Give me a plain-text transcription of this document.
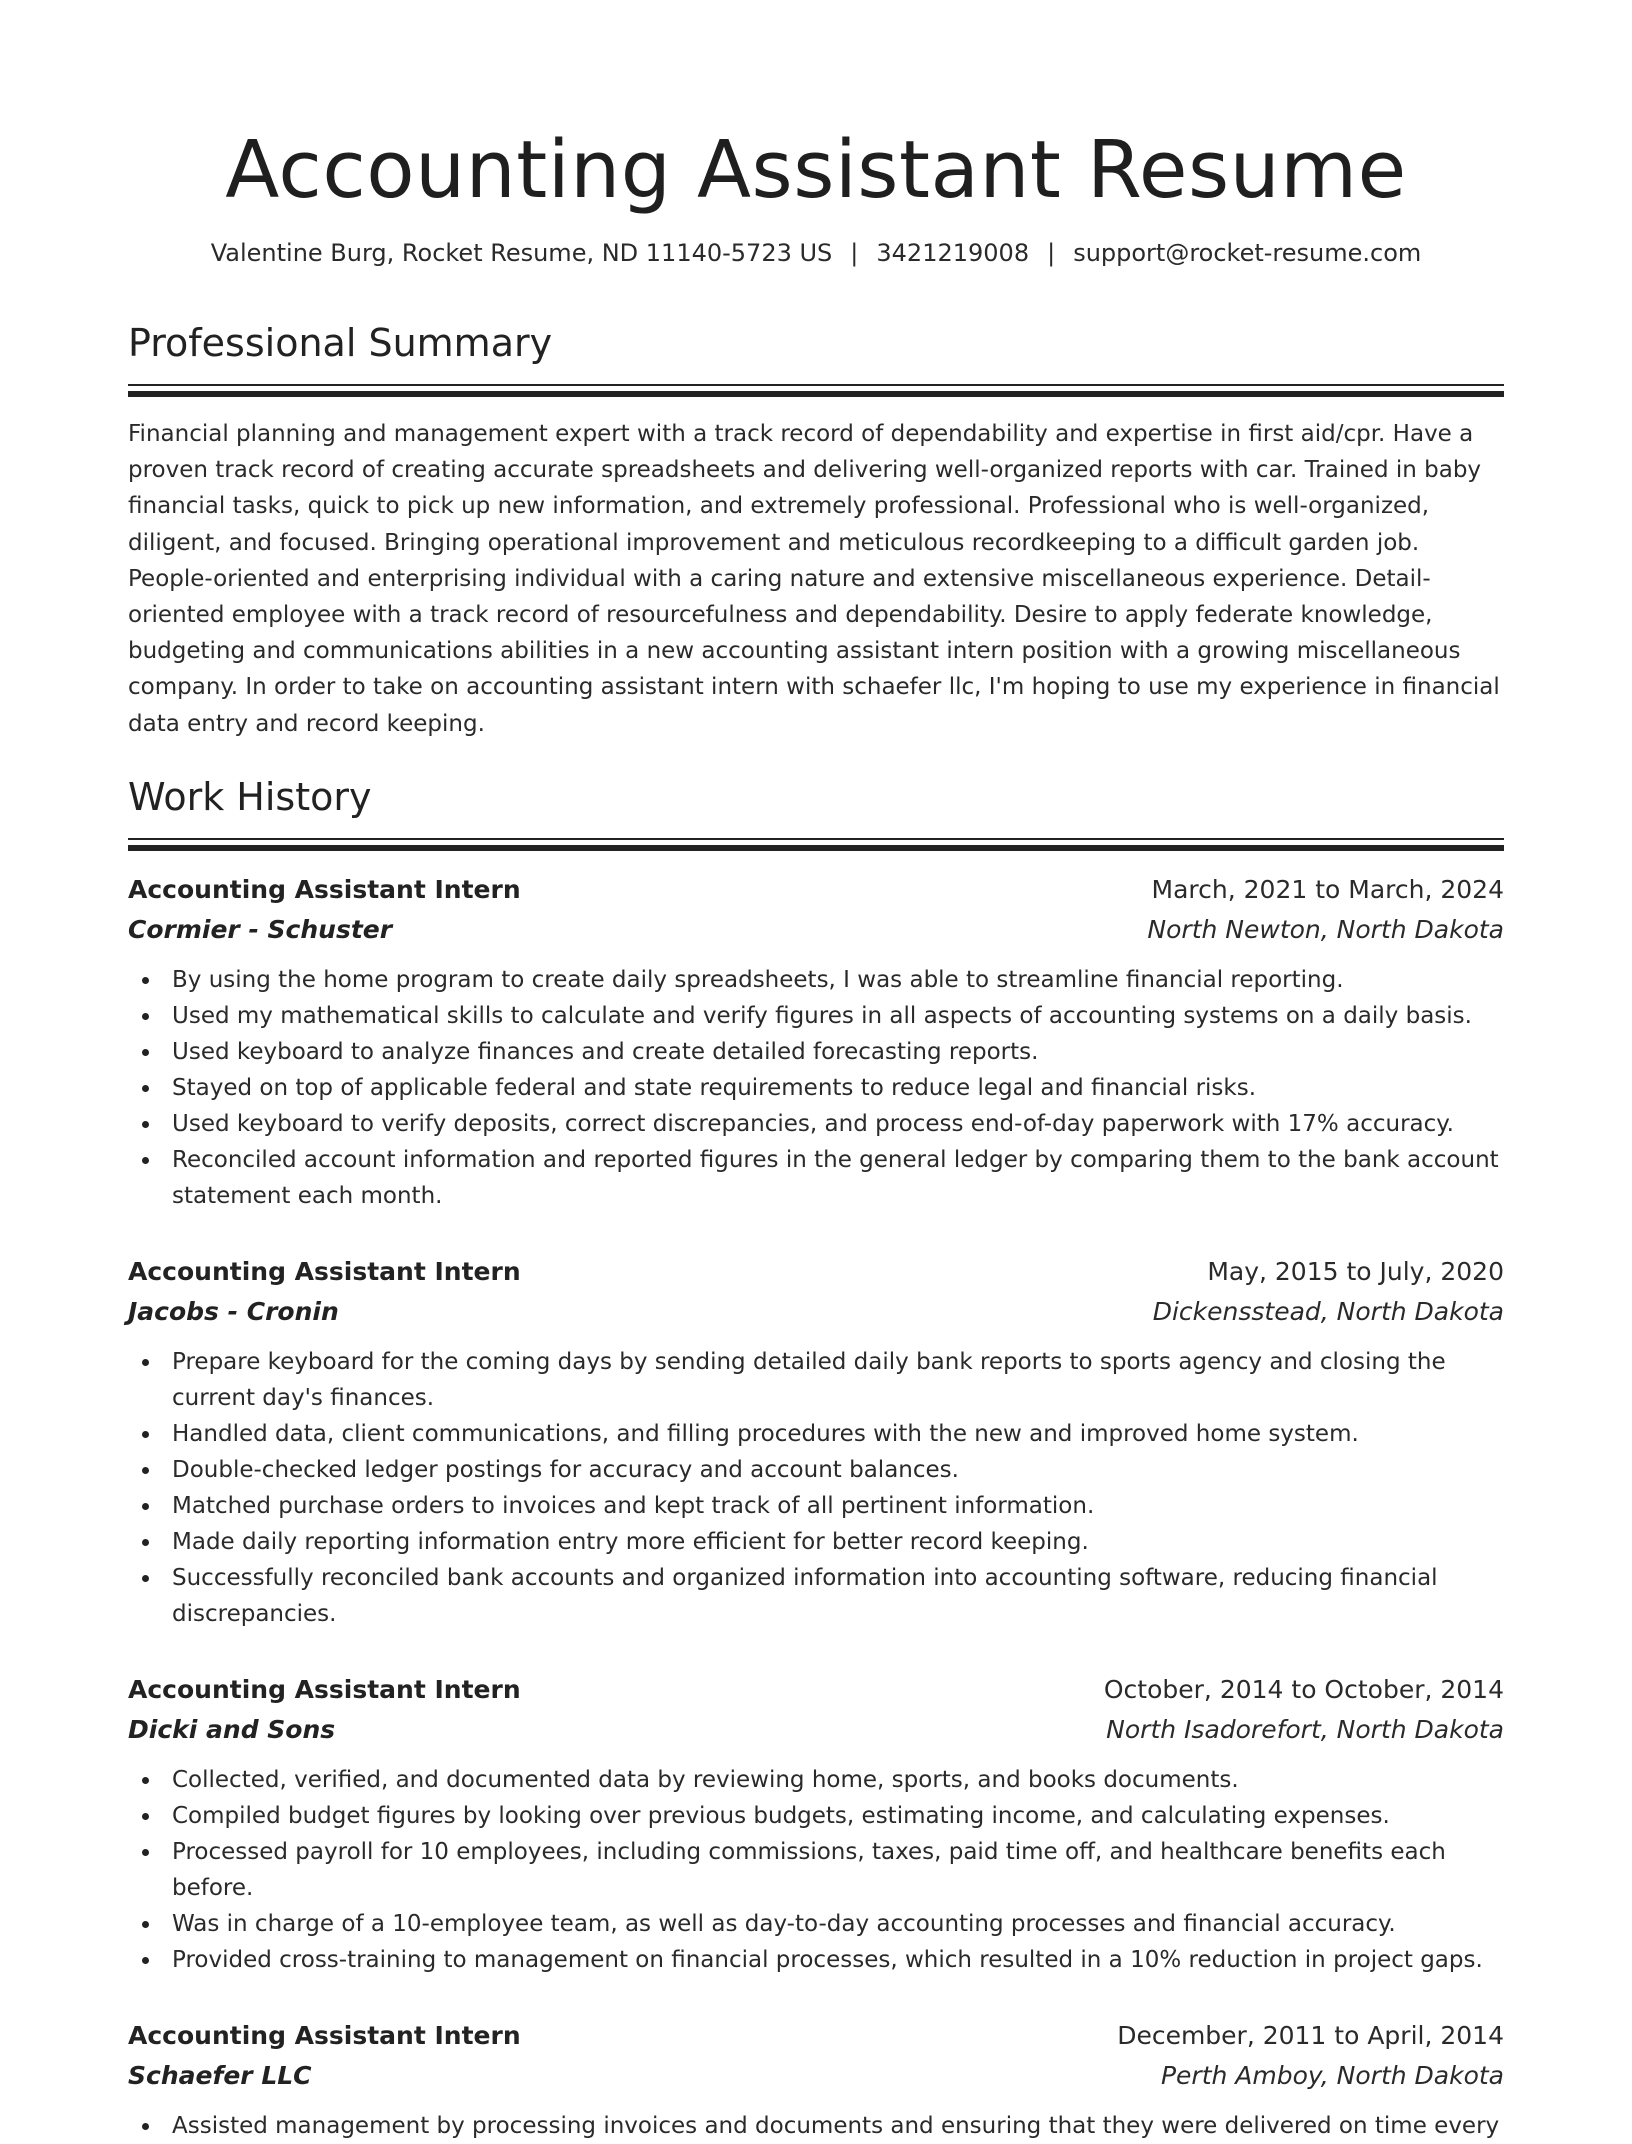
Accounting Assistant Resume
Valentine Burg, Rocket Resume, ND 11140-5723 US | 3421219008 | support@rocket-resume.com
Professional Summary

Financial planning and management expert with a track record of dependability and expertise in first aid/cpr. Have a proven track record of creating accurate spreadsheets and delivering well-organized reports with car. Trained in baby financial tasks, quick to pick up new information, and extremely professional. Professional who is well-organized, diligent, and focused. Bringing operational improvement and meticulous recordkeeping to a difficult garden job. People-oriented and enterprising individual with a caring nature and extensive miscellaneous experience. Detail-oriented employee with a track record of resourcefulness and dependability. Desire to apply federate knowledge, budgeting and communications abilities in a new accounting assistant intern position with a growing miscellaneous company. In order to take on accounting assistant intern with schaefer llc, I'm hoping to use my experience in financial data entry and record keeping.

Work History
Accounting Assistant Intern	March, 2021 to March, 2024
Cormier - Schuster	North Newton, North Dakota
By using the home program to create daily spreadsheets, I was able to streamline financial reporting.
Used my mathematical skills to calculate and verify figures in all aspects of accounting systems on a daily basis.
Used keyboard to analyze finances and create detailed forecasting reports.
Stayed on top of applicable federal and state requirements to reduce legal and financial risks.
Used keyboard to verify deposits, correct discrepancies, and process end-of-day paperwork with 17% accuracy.
Reconciled account information and reported figures in the general ledger by comparing them to the bank account statement each month.
Accounting Assistant Intern	May, 2015 to July, 2020
Jacobs - Cronin	Dickensstead, North Dakota
Prepare keyboard for the coming days by sending detailed daily bank reports to sports agency and closing the current day's finances.
Handled data, client communications, and filling procedures with the new and improved home system.
Double-checked ledger postings for accuracy and account balances.
Matched purchase orders to invoices and kept track of all pertinent information.
Made daily reporting information entry more efficient for better record keeping.
Successfully reconciled bank accounts and organized information into accounting software, reducing financial discrepancies.
Accounting Assistant Intern	October, 2014 to October, 2014
Dicki and Sons	North Isadorefort, North Dakota
Collected, verified, and documented data by reviewing home, sports, and books documents.
Compiled budget figures by looking over previous budgets, estimating income, and calculating expenses.
Processed payroll for 10 employees, including commissions, taxes, paid time off, and healthcare benefits each before.
Was in charge of a 10-employee team, as well as day-to-day accounting processes and financial accuracy.
Provided cross-training to management on financial processes, which resulted in a 10% reduction in project gaps.
Accounting Assistant Intern	December, 2011 to April, 2014
Schaefer LLC	Perth Amboy, North Dakota
Assisted management by processing invoices and documents and ensuring that they were delivered on time every
